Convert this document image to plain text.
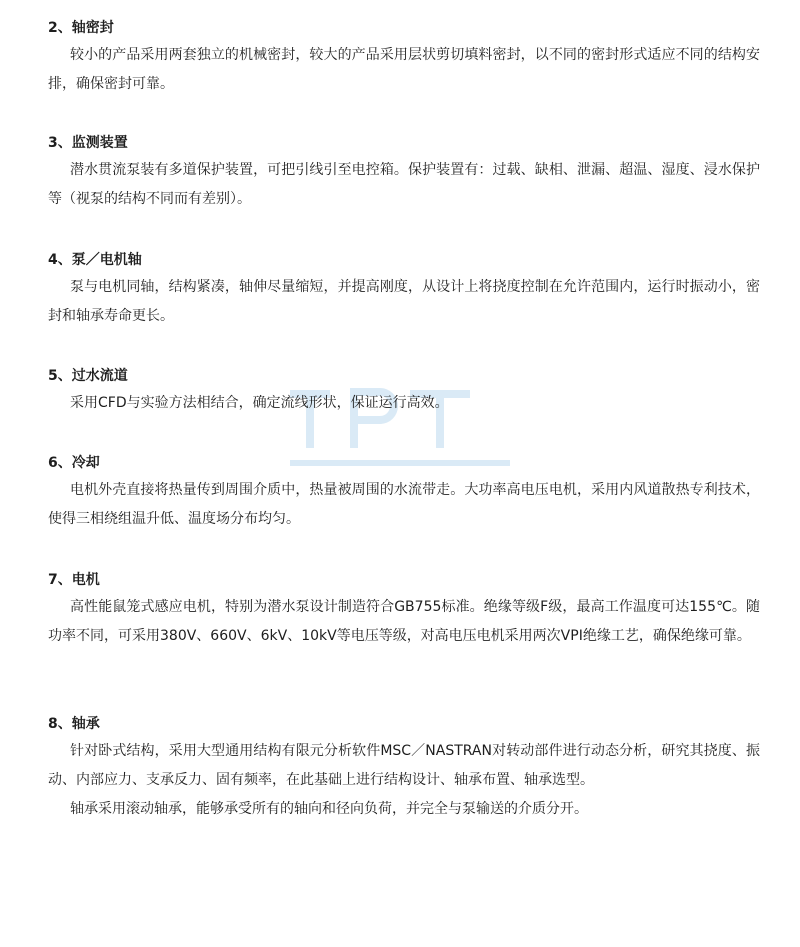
2、轴密封

较小的产品采用两套独立的机械密封，较大的产品采用层状剪切填料密封，以不同的密封形式适应不同的结构安排，确保密封可靠。

3、监测装置

潜水贯流泵装有多道保护装置，可把引线引至电控箱。保护装置有：过载、缺相、泄漏、超温、湿度、浸水保护等（视泵的结构不同而有差别）。

4、泵／电机轴

泵与电机同轴，结构紧凑，轴伸尽量缩短，并提高刚度，从设计上将挠度控制在允许范围内，运行时振动小，密封和轴承寿命更长。

5、过水流道

采用CFD与实验方法相结合，确定流线形状，保证运行高效。

6、冷却

电机外壳直接将热量传到周围介质中，热量被周围的水流带走。大功率高电压电机，采用内风道散热专利技术，使得三相绕组温升低、温度场分布均匀。

7、电机

高性能鼠笼式感应电机，特别为潜水泵设计制造符合GB755标准。绝缘等级F级，最高工作温度可达155℃。随功率不同，可采用380V、660V、6kV、10kV等电压等级，对高电压电机采用两次VPI绝缘工艺，确保绝缘可靠。

8、轴承

针对卧式结构，采用大型通用结构有限元分析软件MSC／NASTRAN对转动部件进行动态分析，研究其挠度、振动、内部应力、支承反力、固有频率，在此基础上进行结构设计、轴承布置、轴承选型。

轴承采用滚动轴承，能够承受所有的轴向和径向负荷，并完全与泵输送的介质分开。
